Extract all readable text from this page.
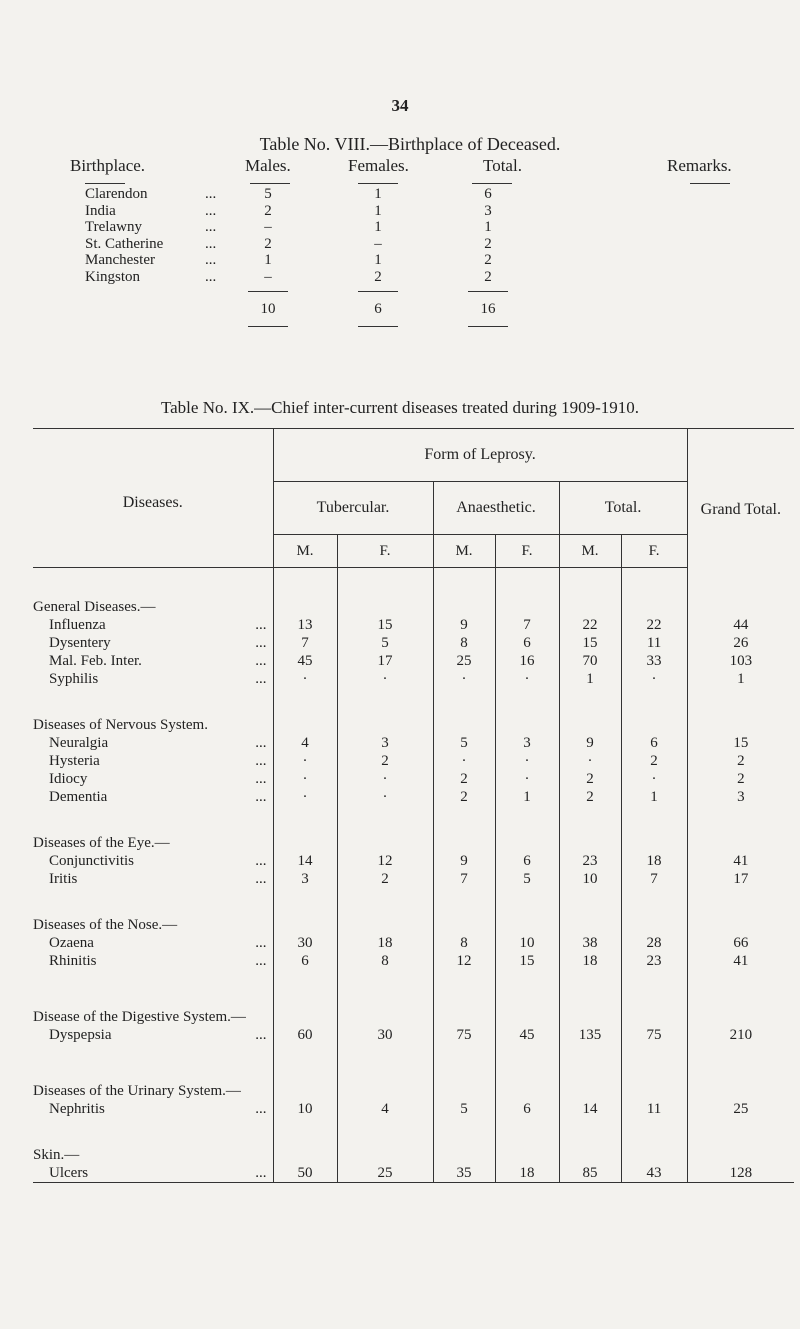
34
Table No. VIII.—Birthplace of Deceased.
Birthplace.	Males.	Females.	Total.	Remarks.
Clarendon	...	5	1	6
India	...	2	1	3
Trelawny	...	–	1	1
St. Catherine	...	2	–	2
Manchester	...	1	1	2
Kingston	...	–	2	2
10	6	16
Table No. IX.—Chief inter-current diseases treated during 1909-1910.
Diseases.	Form of Leprosy.						Grand Total.
	Tubercular.		Anaesthetic.		Total.		
	M.	F.	M.	F.	M.	F.	
General Diseases.—							
Influenza ...	13	15	9	7	22	22	44
Dysentery ...	7	5	8	6	15	11	26
Mal. Feb. Inter. ...	45	17	25	16	70	33	103
Syphilis ...	·	·	·	·	1	·	1

Diseases of Nervous System.							
Neuralgia ...	4	3	5	3	9	6	15
Hysteria ...	·	2	·	·	·	2	2
Idiocy ...	·	·	2	·	2	·	2
Dementia ...	·	·	2	1	2	1	3

Diseases of the Eye.—							
Conjunctivitis ...	14	12	9	6	23	18	41
Iritis ...	3	2	7	5	10	7	17

Diseases of the Nose.—							
Ozaena ...	30	18	8	10	38	28	66
Rhinitis ...	6	8	12	15	18	23	41

Disease of the Digestive System.—							
Dyspepsia ...	60	30	75	45	135	75	210

Diseases of the Urinary System.—							
Nephritis ...	10	4	5	6	14	11	25

Skin.—							
Ulcers ...	50	25	35	18	85	43	128
